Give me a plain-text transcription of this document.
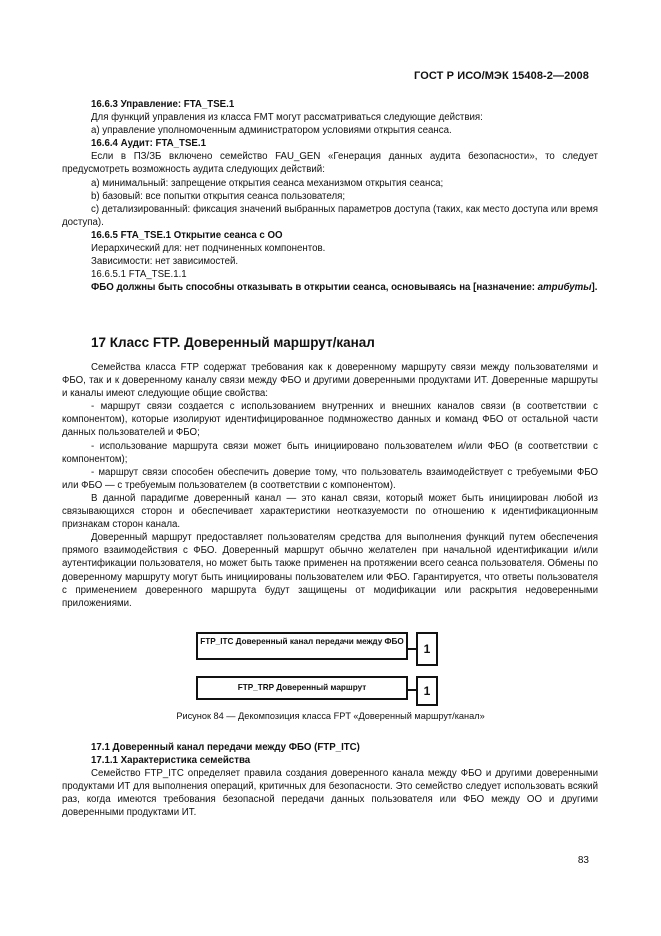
ГОСТ Р ИСО/МЭК 15408-2—2008

16.6.3 Управление: FTA_TSE.1

Для функций управления из класса FMT могут рассматриваться следующие действия:

а) управление уполномоченным администратором условиями открытия сеанса.

16.6.4 Аудит: FTA_TSE.1

Если в ПЗ/ЗБ включено семейство FAU_GEN «Генерация данных аудита безопасности», то следует предусмотреть возможность аудита следующих действий:

а) минимальный: запрещение открытия сеанса механизмом открытия сеанса;

b) базовый: все попытки открытия сеанса пользователя;

с) детализированный: фиксация значений выбранных параметров доступа (таких, как место доступа или время доступа).

16.6.5 FTA_TSE.1 Открытие сеанса с ОО

Иерархический для: нет подчиненных компонентов.

Зависимости: нет зависимостей.

16.6.5.1 FTA_TSE.1.1

ФБО должны быть способны отказывать в открытии сеанса, основываясь на [назначение: атрибуты].

17 Класс FTP. Доверенный маршрут/канал

Семейства класса FTP содержат требования как к доверенному маршруту связи между пользователями и ФБО, так и к доверенному каналу связи между ФБО и другими доверенными продуктами ИТ. Доверенные маршруты и каналы имеют следующие общие свойства:

- маршрут связи создается с использованием внутренних и внешних каналов связи (в соответствии с компонентом), которые изолируют идентифицированное подмножество данных и команд ФБО от остальной части данных пользователей и ФБО;

- использование маршрута связи может быть инициировано пользователем и/или ФБО (в соответствии с компонентом);

- маршрут связи способен обеспечить доверие тому, что пользователь взаимодействует с требуемыми ФБО или ФБО — с требуемым пользователем (в соответствии с компонентом).

В данной парадигме доверенный канал — это канал связи, который может быть инициирован любой из связывающихся сторон и обеспечивает характеристики неотказуемости по отношению к идентификационным признакам сторон канала.

Доверенный маршрут предоставляет пользователям средства для выполнения функций путем обеспечения прямого взаимодействия с ФБО. Доверенный маршрут обычно желателен при начальной идентификации и/или аутентификации пользователя, но может быть также применен на протяжении всего сеанса пользователя. Обмены по доверенному маршруту могут быть инициированы пользователем или ФБО. Гарантируется, что ответы пользователя с применением доверенного маршрута будут защищены от модификации или раскрытия недоверенными приложениями.

FTP_ITC Доверенный канал передачи между ФБО
1
FTP_TRP Доверенный маршрут	1
Рисунок 84 — Декомпозиция класса FPT «Доверенный маршрут/канал»

17.1 Доверенный канал передачи между ФБО (FTP_ITC)

17.1.1 Характеристика семейства

Семейство FTP_ITC определяет правила создания доверенного канала между ФБО и другими доверенными продуктами ИТ для выполнения операций, критичных для безопасности. Это семейство следует использовать всякий раз, когда имеются требования безопасной передачи данных пользователя или ФБО между ОО и другими доверенными продуктами ИТ.

83
